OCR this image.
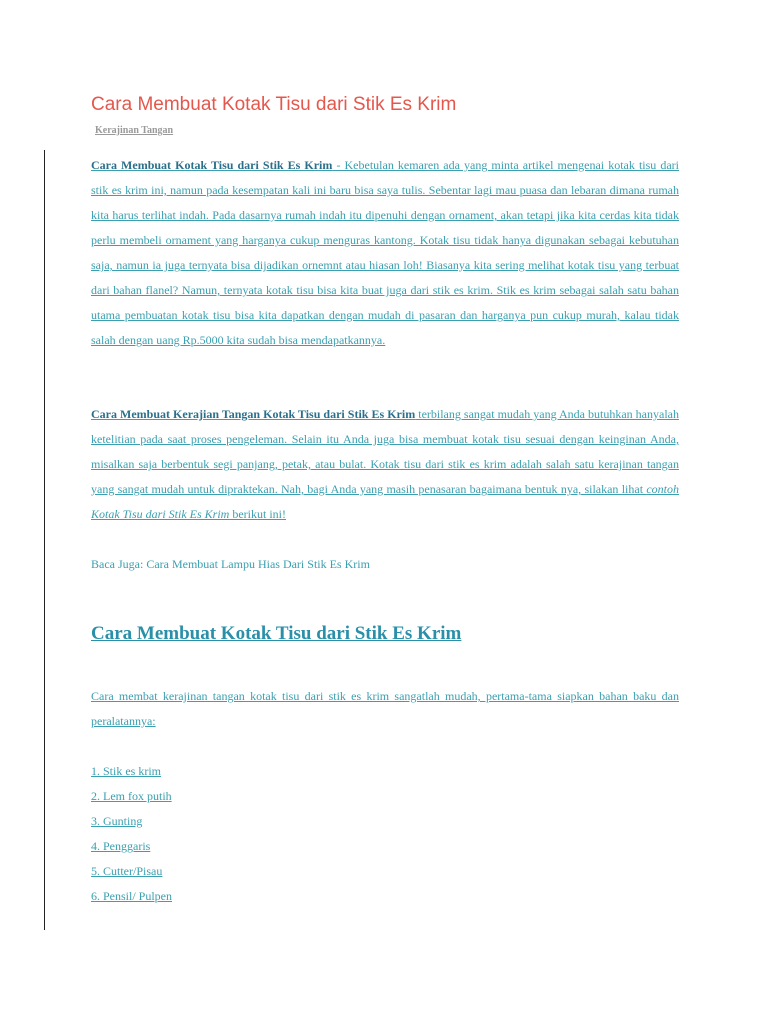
Cara Membuat Kotak Tisu dari Stik Es Krim
Kerajinan Tangan

Cara Membuat Kotak Tisu dari Stik Es Krim - Kebetulan kemaren ada yang minta artikel mengenai kotak tisu dari stik es krim ini, namun pada kesempatan kali ini baru bisa saya tulis. Sebentar lagi mau puasa dan lebaran dimana rumah kita harus terlihat indah. Pada dasarnya rumah indah itu dipenuhi dengan ornament, akan tetapi jika kita cerdas kita tidak perlu membeli ornament yang harganya cukup menguras kantong. Kotak tisu tidak hanya digunakan sebagai kebutuhan saja, namun ia juga ternyata bisa dijadikan ornemnt atau hiasan loh! Biasanya kita sering melihat kotak tisu yang terbuat dari bahan flanel? Namun, ternyata kotak tisu bisa kita buat juga dari stik es krim. Stik es krim sebagai salah satu bahan utama pembuatan kotak tisu bisa kita dapatkan dengan mudah di pasaran dan harganya pun cukup murah, kalau tidak salah dengan uang Rp.5000 kita sudah bisa mendapatkannya.

Cara Membuat Kerajian Tangan Kotak Tisu dari Stik Es Krim terbilang sangat mudah yang Anda butuhkan hanyalah ketelitian pada saat proses pengeleman. Selain itu Anda juga bisa membuat kotak tisu sesuai dengan keinginan Anda, misalkan saja berbentuk segi panjang, petak, atau bulat. Kotak tisu dari stik es krim adalah salah satu kerajinan tangan yang sangat mudah untuk dipraktekan. Nah, bagi Anda yang masih penasaran bagaimana bentuk nya, silakan lihat contoh Kotak Tisu dari Stik Es Krim berikut ini!

Baca Juga: Cara Membuat Lampu Hias Dari Stik Es Krim
Cara Membuat Kotak Tisu dari Stik Es Krim

Cara membat kerajinan tangan kotak tisu dari stik es krim sangatlah mudah, pertama-tama siapkan bahan baku dan peralatannya:

1. Stik es krim
2. Lem fox putih
3. Gunting
4. Penggaris
5. Cutter/Pisau
6. Pensil/ Pulpen
